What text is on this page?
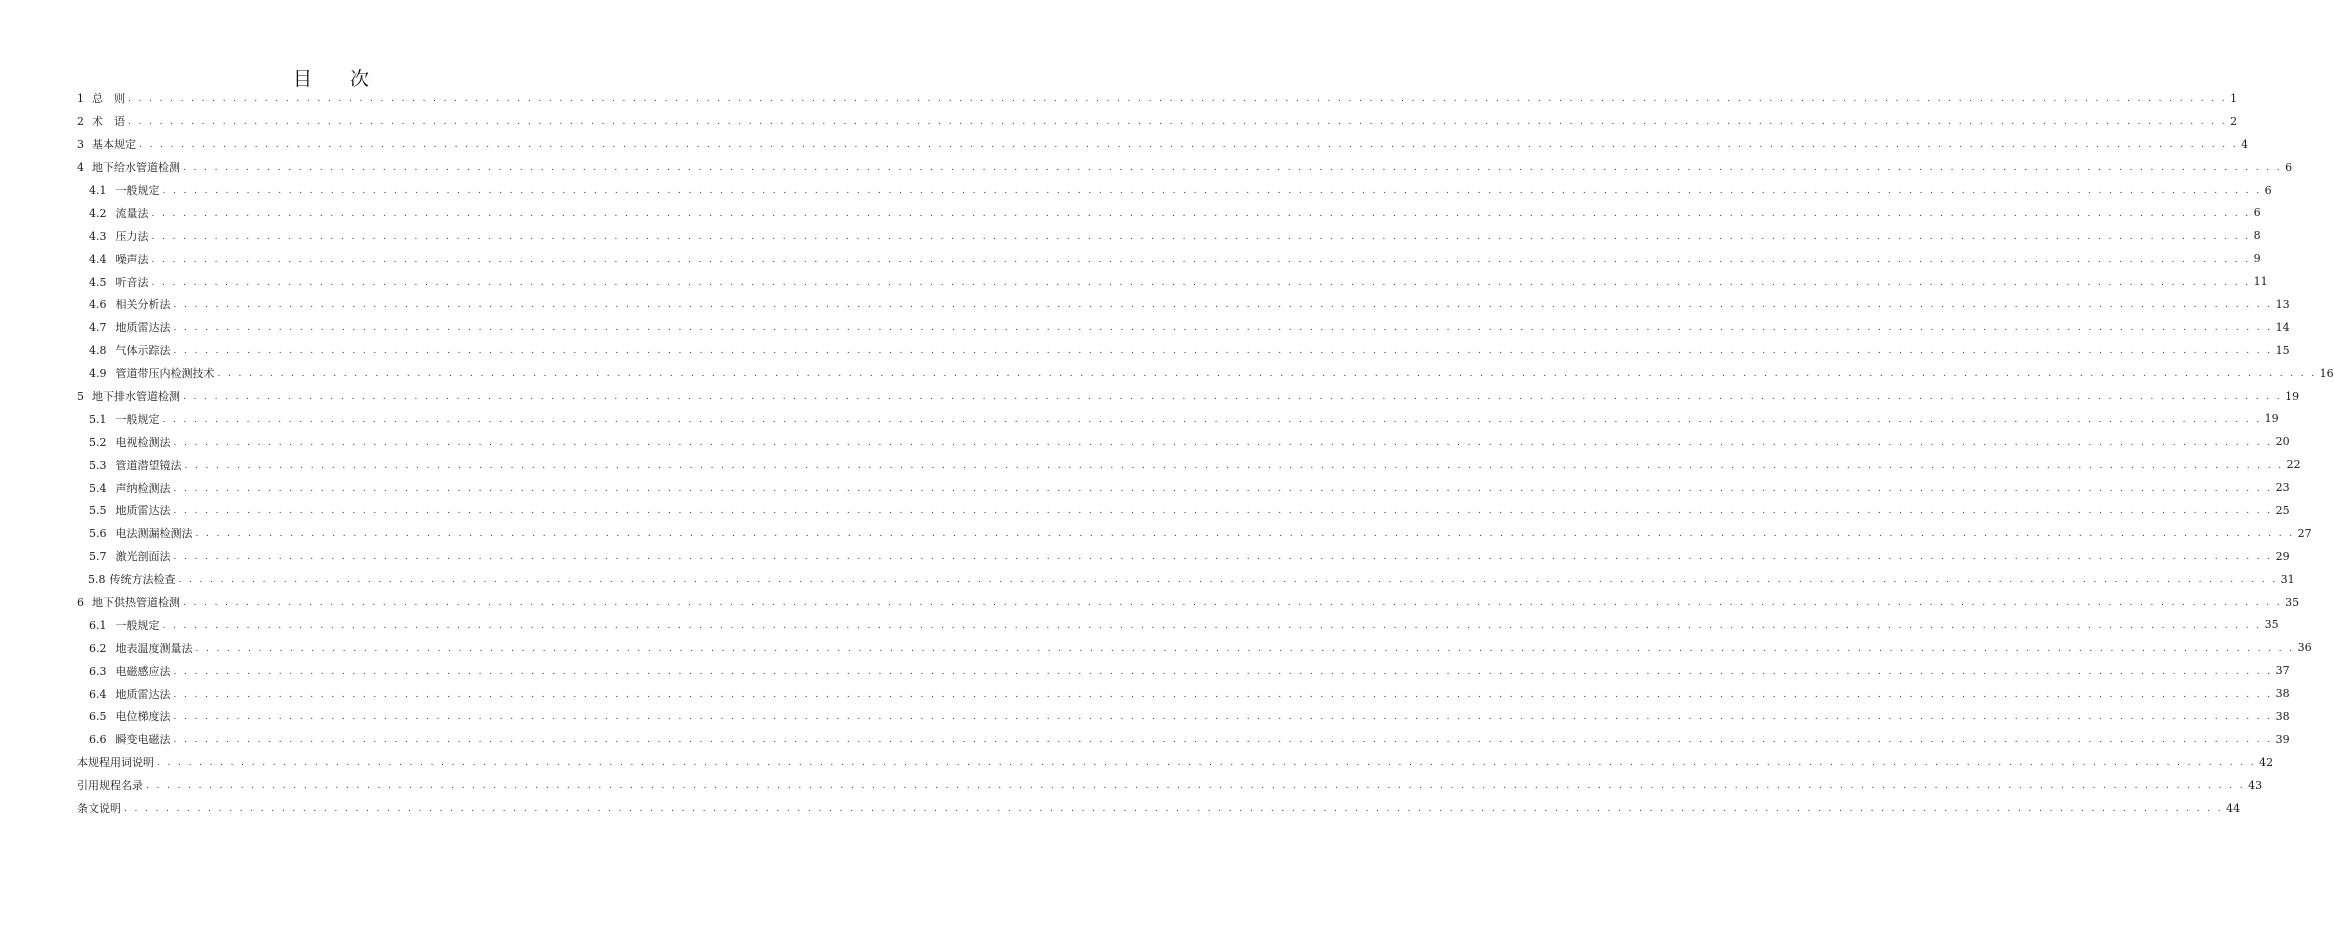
目 次
1 总　则 . . . . . . . . . . . . . . . . . . . . . . . . . . . . . . . . . . . . . . . . . . . . . . . . . . . . . . . . . . . . . . . . . . . . . . . . . . . . . . . . . . . . . . . . . . . . . . . . . . . . . . . . . . . . . . . . . . . . . . . . . . . . . . . . . . . . . . . . . . . . . . . . . . . . . . . . . . . . . . . . . . . . . . . . . . . . . . . . . . . . . . . . . . . . . . . . . . . . . . . . 1
2 术　语 . . . . . . . . . . . . . . . . . . . . . . . . . . . . . . . . . . . . . . . . . . . . . . . . . . . . . . . . . . . . . . . . . . . . . . . . . . . . . . . . . . . . . . . . . . . . . . . . . . . . . . . . . . . . . . . . . . . . . . . . . . . . . . . . . . . . . . . . . . . . . . . . . . . . . . . . . . . . . . . . . . . . . . . . . . . . . . . . . . . . . . . . . . . . . . . . . . . . . . . . 2
3 基本规定 . . . . . . . . . . . . . . . . . . . . . . . . . . . . . . . . . . . . . . . . . . . . . . . . . . . . . . . . . . . . . . . . . . . . . . . . . . . . . . . . . . . . . . . . . . . . . . . . . . . . . . . . . . . . . . . . . . . . . . . . . . . . . . . . . . . . . . . . . . . . . . . . . . . . . . . . . . . . . . . . . . . . . . . . . . . . . . . . . . . . . . . . . . . . . . . . . . . . . . . . 4
4 地下给水管道检测 . . . . . . . . . . . . . . . . . . . . . . . . . . . . . . . . . . . . . . . . . . . . . . . . . . . . . . . . . . . . . . . . . . . . . . . . . . . . . . . . . . . . . . . . . . . . . . . . . . . . . . . . . . . . . . . . . . . . . . . . . . . . . . . . . . . . . . . . . . . . . . . . . . . . . . . . . . . . . . . . . . . . . . . . . . . . . . . . . . . . . . . . . . . . . . . . . . . . . . . . 6
4.1 一般规定 . . . . . . . . . . . . . . . . . . . . . . . . . . . . . . . . . . . . . . . . . . . . . . . . . . . . . . . . . . . . . . . . . . . . . . . . . . . . . . . . . . . . . . . . . . . . . . . . . . . . . . . . . . . . . . . . . . . . . . . . . . . . . . . . . . . . . . . . . . . . . . . . . . . . . . . . . . . . . . . . . . . . . . . . . . . . . . . . . . . . . . . . . . . . . . . . . . . . . . . . 6
4.2 流量法 . . . . . . . . . . . . . . . . . . . . . . . . . . . . . . . . . . . . . . . . . . . . . . . . . . . . . . . . . . . . . . . . . . . . . . . . . . . . . . . . . . . . . . . . . . . . . . . . . . . . . . . . . . . . . . . . . . . . . . . . . . . . . . . . . . . . . . . . . . . . . . . . . . . . . . . . . . . . . . . . . . . . . . . . . . . . . . . . . . . . . . . . . . . . . . . . . . . . . . . . 6
4.3 压力法 . . . . . . . . . . . . . . . . . . . . . . . . . . . . . . . . . . . . . . . . . . . . . . . . . . . . . . . . . . . . . . . . . . . . . . . . . . . . . . . . . . . . . . . . . . . . . . . . . . . . . . . . . . . . . . . . . . . . . . . . . . . . . . . . . . . . . . . . . . . . . . . . . . . . . . . . . . . . . . . . . . . . . . . . . . . . . . . . . . . . . . . . . . . . . . . . . . . . . . . . 8
4.4 噪声法 . . . . . . . . . . . . . . . . . . . . . . . . . . . . . . . . . . . . . . . . . . . . . . . . . . . . . . . . . . . . . . . . . . . . . . . . . . . . . . . . . . . . . . . . . . . . . . . . . . . . . . . . . . . . . . . . . . . . . . . . . . . . . . . . . . . . . . . . . . . . . . . . . . . . . . . . . . . . . . . . . . . . . . . . . . . . . . . . . . . . . . . . . . . . . . . . . . . . . . . . 9
4.5 听音法 . . . . . . . . . . . . . . . . . . . . . . . . . . . . . . . . . . . . . . . . . . . . . . . . . . . . . . . . . . . . . . . . . . . . . . . . . . . . . . . . . . . . . . . . . . . . . . . . . . . . . . . . . . . . . . . . . . . . . . . . . . . . . . . . . . . . . . . . . . . . . . . . . . . . . . . . . . . . . . . . . . . . . . . . . . . . . . . . . . . . . . . . . . . . . . . . . . . . . . . . 11
4.6 相关分析法 . . . . . . . . . . . . . . . . . . . . . . . . . . . . . . . . . . . . . . . . . . . . . . . . . . . . . . . . . . . . . . . . . . . . . . . . . . . . . . . . . . . . . . . . . . . . . . . . . . . . . . . . . . . . . . . . . . . . . . . . . . . . . . . . . . . . . . . . . . . . . . . . . . . . . . . . . . . . . . . . . . . . . . . . . . . . . . . . . . . . . . . . . . . . . . . . . . . . . . . . 13
4.7 地质雷达法 . . . . . . . . . . . . . . . . . . . . . . . . . . . . . . . . . . . . . . . . . . . . . . . . . . . . . . . . . . . . . . . . . . . . . . . . . . . . . . . . . . . . . . . . . . . . . . . . . . . . . . . . . . . . . . . . . . . . . . . . . . . . . . . . . . . . . . . . . . . . . . . . . . . . . . . . . . . . . . . . . . . . . . . . . . . . . . . . . . . . . . . . . . . . . . . . . . . . . . . . 14
4.8 气体示踪法 . . . . . . . . . . . . . . . . . . . . . . . . . . . . . . . . . . . . . . . . . . . . . . . . . . . . . . . . . . . . . . . . . . . . . . . . . . . . . . . . . . . . . . . . . . . . . . . . . . . . . . . . . . . . . . . . . . . . . . . . . . . . . . . . . . . . . . . . . . . . . . . . . . . . . . . . . . . . . . . . . . . . . . . . . . . . . . . . . . . . . . . . . . . . . . . . . . . . . . . . 15
4.9 管道带压内检测技术 . . . . . . . . . . . . . . . . . . . . . . . . . . . . . . . . . . . . . . . . . . . . . . . . . . . . . . . . . . . . . . . . . . . . . . . . . . . . . . . . . . . . . . . . . . . . . . . . . . . . . . . . . . . . . . . . . . . . . . . . . . . . . . . . . . . . . . . . . . . . . . . . . . . . . . . . . . . . . . . . . . . . . . . . . . . . . . . . . . . . . . . . . . . . . . . . . . . . . . . . 16
5 地下排水管道检测 . . . . . . . . . . . . . . . . . . . . . . . . . . . . . . . . . . . . . . . . . . . . . . . . . . . . . . . . . . . . . . . . . . . . . . . . . . . . . . . . . . . . . . . . . . . . . . . . . . . . . . . . . . . . . . . . . . . . . . . . . . . . . . . . . . . . . . . . . . . . . . . . . . . . . . . . . . . . . . . . . . . . . . . . . . . . . . . . . . . . . . . . . . . . . . . . . . . . . . . . 19
5.1 一般规定 . . . . . . . . . . . . . . . . . . . . . . . . . . . . . . . . . . . . . . . . . . . . . . . . . . . . . . . . . . . . . . . . . . . . . . . . . . . . . . . . . . . . . . . . . . . . . . . . . . . . . . . . . . . . . . . . . . . . . . . . . . . . . . . . . . . . . . . . . . . . . . . . . . . . . . . . . . . . . . . . . . . . . . . . . . . . . . . . . . . . . . . . . . . . . . . . . . . . . . . . 19
5.2 电视检测法 . . . . . . . . . . . . . . . . . . . . . . . . . . . . . . . . . . . . . . . . . . . . . . . . . . . . . . . . . . . . . . . . . . . . . . . . . . . . . . . . . . . . . . . . . . . . . . . . . . . . . . . . . . . . . . . . . . . . . . . . . . . . . . . . . . . . . . . . . . . . . . . . . . . . . . . . . . . . . . . . . . . . . . . . . . . . . . . . . . . . . . . . . . . . . . . . . . . . . . . . 20
5.3 管道潜望镜法 . . . . . . . . . . . . . . . . . . . . . . . . . . . . . . . . . . . . . . . . . . . . . . . . . . . . . . . . . . . . . . . . . . . . . . . . . . . . . . . . . . . . . . . . . . . . . . . . . . . . . . . . . . . . . . . . . . . . . . . . . . . . . . . . . . . . . . . . . . . . . . . . . . . . . . . . . . . . . . . . . . . . . . . . . . . . . . . . . . . . . . . . . . . . . . . . . . . . . . . . 22
5.4 声纳检测法 . . . . . . . . . . . . . . . . . . . . . . . . . . . . . . . . . . . . . . . . . . . . . . . . . . . . . . . . . . . . . . . . . . . . . . . . . . . . . . . . . . . . . . . . . . . . . . . . . . . . . . . . . . . . . . . . . . . . . . . . . . . . . . . . . . . . . . . . . . . . . . . . . . . . . . . . . . . . . . . . . . . . . . . . . . . . . . . . . . . . . . . . . . . . . . . . . . . . . . . . 23
5.5 地质雷达法 . . . . . . . . . . . . . . . . . . . . . . . . . . . . . . . . . . . . . . . . . . . . . . . . . . . . . . . . . . . . . . . . . . . . . . . . . . . . . . . . . . . . . . . . . . . . . . . . . . . . . . . . . . . . . . . . . . . . . . . . . . . . . . . . . . . . . . . . . . . . . . . . . . . . . . . . . . . . . . . . . . . . . . . . . . . . . . . . . . . . . . . . . . . . . . . . . . . . . . . . 25
5.6 电法测漏检测法 . . . . . . . . . . . . . . . . . . . . . . . . . . . . . . . . . . . . . . . . . . . . . . . . . . . . . . . . . . . . . . . . . . . . . . . . . . . . . . . . . . . . . . . . . . . . . . . . . . . . . . . . . . . . . . . . . . . . . . . . . . . . . . . . . . . . . . . . . . . . . . . . . . . . . . . . . . . . . . . . . . . . . . . . . . . . . . . . . . . . . . . . . . . . . . . . . . . . . . . . 27
5.7 激光剖面法 . . . . . . . . . . . . . . . . . . . . . . . . . . . . . . . . . . . . . . . . . . . . . . . . . . . . . . . . . . . . . . . . . . . . . . . . . . . . . . . . . . . . . . . . . . . . . . . . . . . . . . . . . . . . . . . . . . . . . . . . . . . . . . . . . . . . . . . . . . . . . . . . . . . . . . . . . . . . . . . . . . . . . . . . . . . . . . . . . . . . . . . . . . . . . . . . . . . . . . . . 29
5.8 传统方法检查 . . . . . . . . . . . . . . . . . . . . . . . . . . . . . . . . . . . . . . . . . . . . . . . . . . . . . . . . . . . . . . . . . . . . . . . . . . . . . . . . . . . . . . . . . . . . . . . . . . . . . . . . . . . . . . . . . . . . . . . . . . . . . . . . . . . . . . . . . . . . . . . . . . . . . . . . . . . . . . . . . . . . . . . . . . . . . . . . . . . . . . . . . . . . . . . . . . . . . . . . 31
6 地下供热管道检测 . . . . . . . . . . . . . . . . . . . . . . . . . . . . . . . . . . . . . . . . . . . . . . . . . . . . . . . . . . . . . . . . . . . . . . . . . . . . . . . . . . . . . . . . . . . . . . . . . . . . . . . . . . . . . . . . . . . . . . . . . . . . . . . . . . . . . . . . . . . . . . . . . . . . . . . . . . . . . . . . . . . . . . . . . . . . . . . . . . . . . . . . . . . . . . . . . . . . . . . . 35
6.1 一般规定 . . . . . . . . . . . . . . . . . . . . . . . . . . . . . . . . . . . . . . . . . . . . . . . . . . . . . . . . . . . . . . . . . . . . . . . . . . . . . . . . . . . . . . . . . . . . . . . . . . . . . . . . . . . . . . . . . . . . . . . . . . . . . . . . . . . . . . . . . . . . . . . . . . . . . . . . . . . . . . . . . . . . . . . . . . . . . . . . . . . . . . . . . . . . . . . . . . . . . . . . 35
6.2 地表温度测量法 . . . . . . . . . . . . . . . . . . . . . . . . . . . . . . . . . . . . . . . . . . . . . . . . . . . . . . . . . . . . . . . . . . . . . . . . . . . . . . . . . . . . . . . . . . . . . . . . . . . . . . . . . . . . . . . . . . . . . . . . . . . . . . . . . . . . . . . . . . . . . . . . . . . . . . . . . . . . . . . . . . . . . . . . . . . . . . . . . . . . . . . . . . . . . . . . . . . . . . . . 36
6.3 电磁感应法 . . . . . . . . . . . . . . . . . . . . . . . . . . . . . . . . . . . . . . . . . . . . . . . . . . . . . . . . . . . . . . . . . . . . . . . . . . . . . . . . . . . . . . . . . . . . . . . . . . . . . . . . . . . . . . . . . . . . . . . . . . . . . . . . . . . . . . . . . . . . . . . . . . . . . . . . . . . . . . . . . . . . . . . . . . . . . . . . . . . . . . . . . . . . . . . . . . . . . . . . 37
6.4 地质雷达法 . . . . . . . . . . . . . . . . . . . . . . . . . . . . . . . . . . . . . . . . . . . . . . . . . . . . . . . . . . . . . . . . . . . . . . . . . . . . . . . . . . . . . . . . . . . . . . . . . . . . . . . . . . . . . . . . . . . . . . . . . . . . . . . . . . . . . . . . . . . . . . . . . . . . . . . . . . . . . . . . . . . . . . . . . . . . . . . . . . . . . . . . . . . . . . . . . . . . . . . . 38
6.5 电位梯度法 . . . . . . . . . . . . . . . . . . . . . . . . . . . . . . . . . . . . . . . . . . . . . . . . . . . . . . . . . . . . . . . . . . . . . . . . . . . . . . . . . . . . . . . . . . . . . . . . . . . . . . . . . . . . . . . . . . . . . . . . . . . . . . . . . . . . . . . . . . . . . . . . . . . . . . . . . . . . . . . . . . . . . . . . . . . . . . . . . . . . . . . . . . . . . . . . . . . . . . . . 38
6.6 瞬变电磁法 . . . . . . . . . . . . . . . . . . . . . . . . . . . . . . . . . . . . . . . . . . . . . . . . . . . . . . . . . . . . . . . . . . . . . . . . . . . . . . . . . . . . . . . . . . . . . . . . . . . . . . . . . . . . . . . . . . . . . . . . . . . . . . . . . . . . . . . . . . . . . . . . . . . . . . . . . . . . . . . . . . . . . . . . . . . . . . . . . . . . . . . . . . . . . . . . . . . . . . . . 39
本规程用词说明 . . . . . . . . . . . . . . . . . . . . . . . . . . . . . . . . . . . . . . . . . . . . . . . . . . . . . . . . . . . . . . . . . . . . . . . . . . . . . . . . . . . . . . . . . . . . . . . . . . . . . . . . . . . . . . . . . . . . . . . . . . . . . . . . . . . . . . . . . . . . . . . . . . . . . . . . . . . . . . . . . . . . . . . . . . . . . . . . . . . . . . . . . . . . . . . . . . . . . . . . 42
引用规程名录 . . . . . . . . . . . . . . . . . . . . . . . . . . . . . . . . . . . . . . . . . . . . . . . . . . . . . . . . . . . . . . . . . . . . . . . . . . . . . . . . . . . . . . . . . . . . . . . . . . . . . . . . . . . . . . . . . . . . . . . . . . . . . . . . . . . . . . . . . . . . . . . . . . . . . . . . . . . . . . . . . . . . . . . . . . . . . . . . . . . . . . . . . . . . . . . . . . . . . . . . 43
条文说明 . . . . . . . . . . . . . . . . . . . . . . . . . . . . . . . . . . . . . . . . . . . . . . . . . . . . . . . . . . . . . . . . . . . . . . . . . . . . . . . . . . . . . . . . . . . . . . . . . . . . . . . . . . . . . . . . . . . . . . . . . . . . . . . . . . . . . . . . . . . . . . . . . . . . . . . . . . . . . . . . . . . . . . . . . . . . . . . . . . . . . . . . . . . . . . . . . . . . . . . . 44
